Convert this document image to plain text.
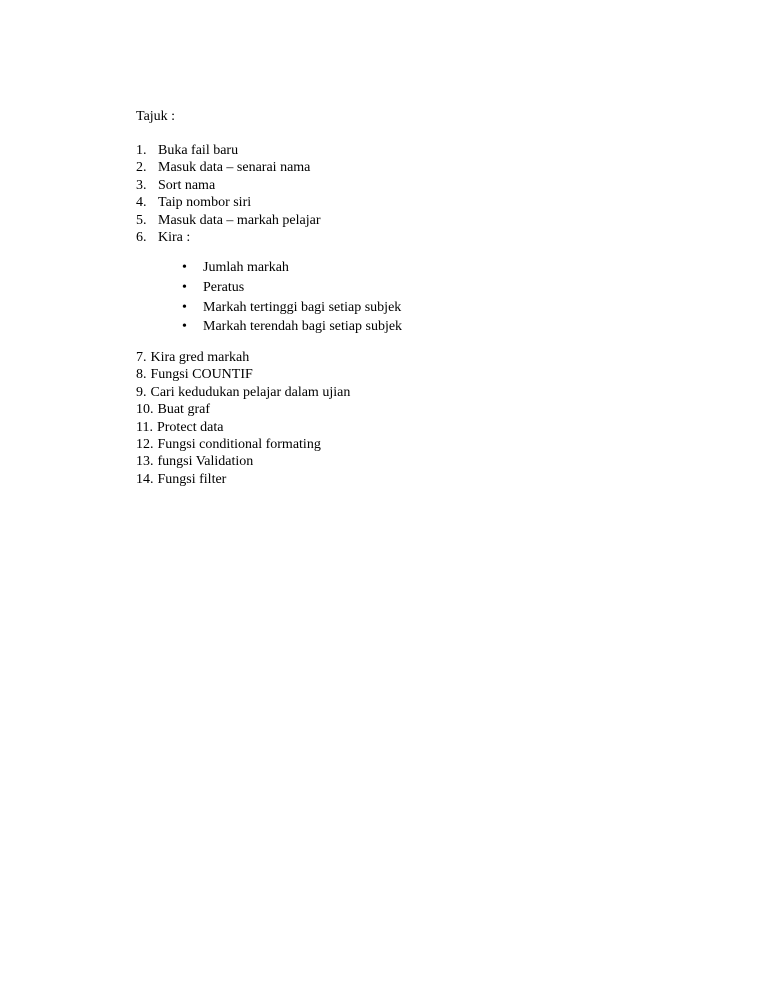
Tajuk :
1. Buka fail baru
2. Masuk data – senarai nama
3. Sort nama
4. Taip nombor siri
5. Masuk data – markah pelajar
6. Kira :
• Jumlah markah
• Peratus
• Markah tertinggi bagi setiap subjek
• Markah terendah bagi setiap subjek
7. Kira gred markah
8. Fungsi COUNTIF
9. Cari kedudukan pelajar dalam ujian
10. Buat graf
11. Protect data
12. Fungsi conditional formating
13. fungsi Validation
14. Fungsi filter
